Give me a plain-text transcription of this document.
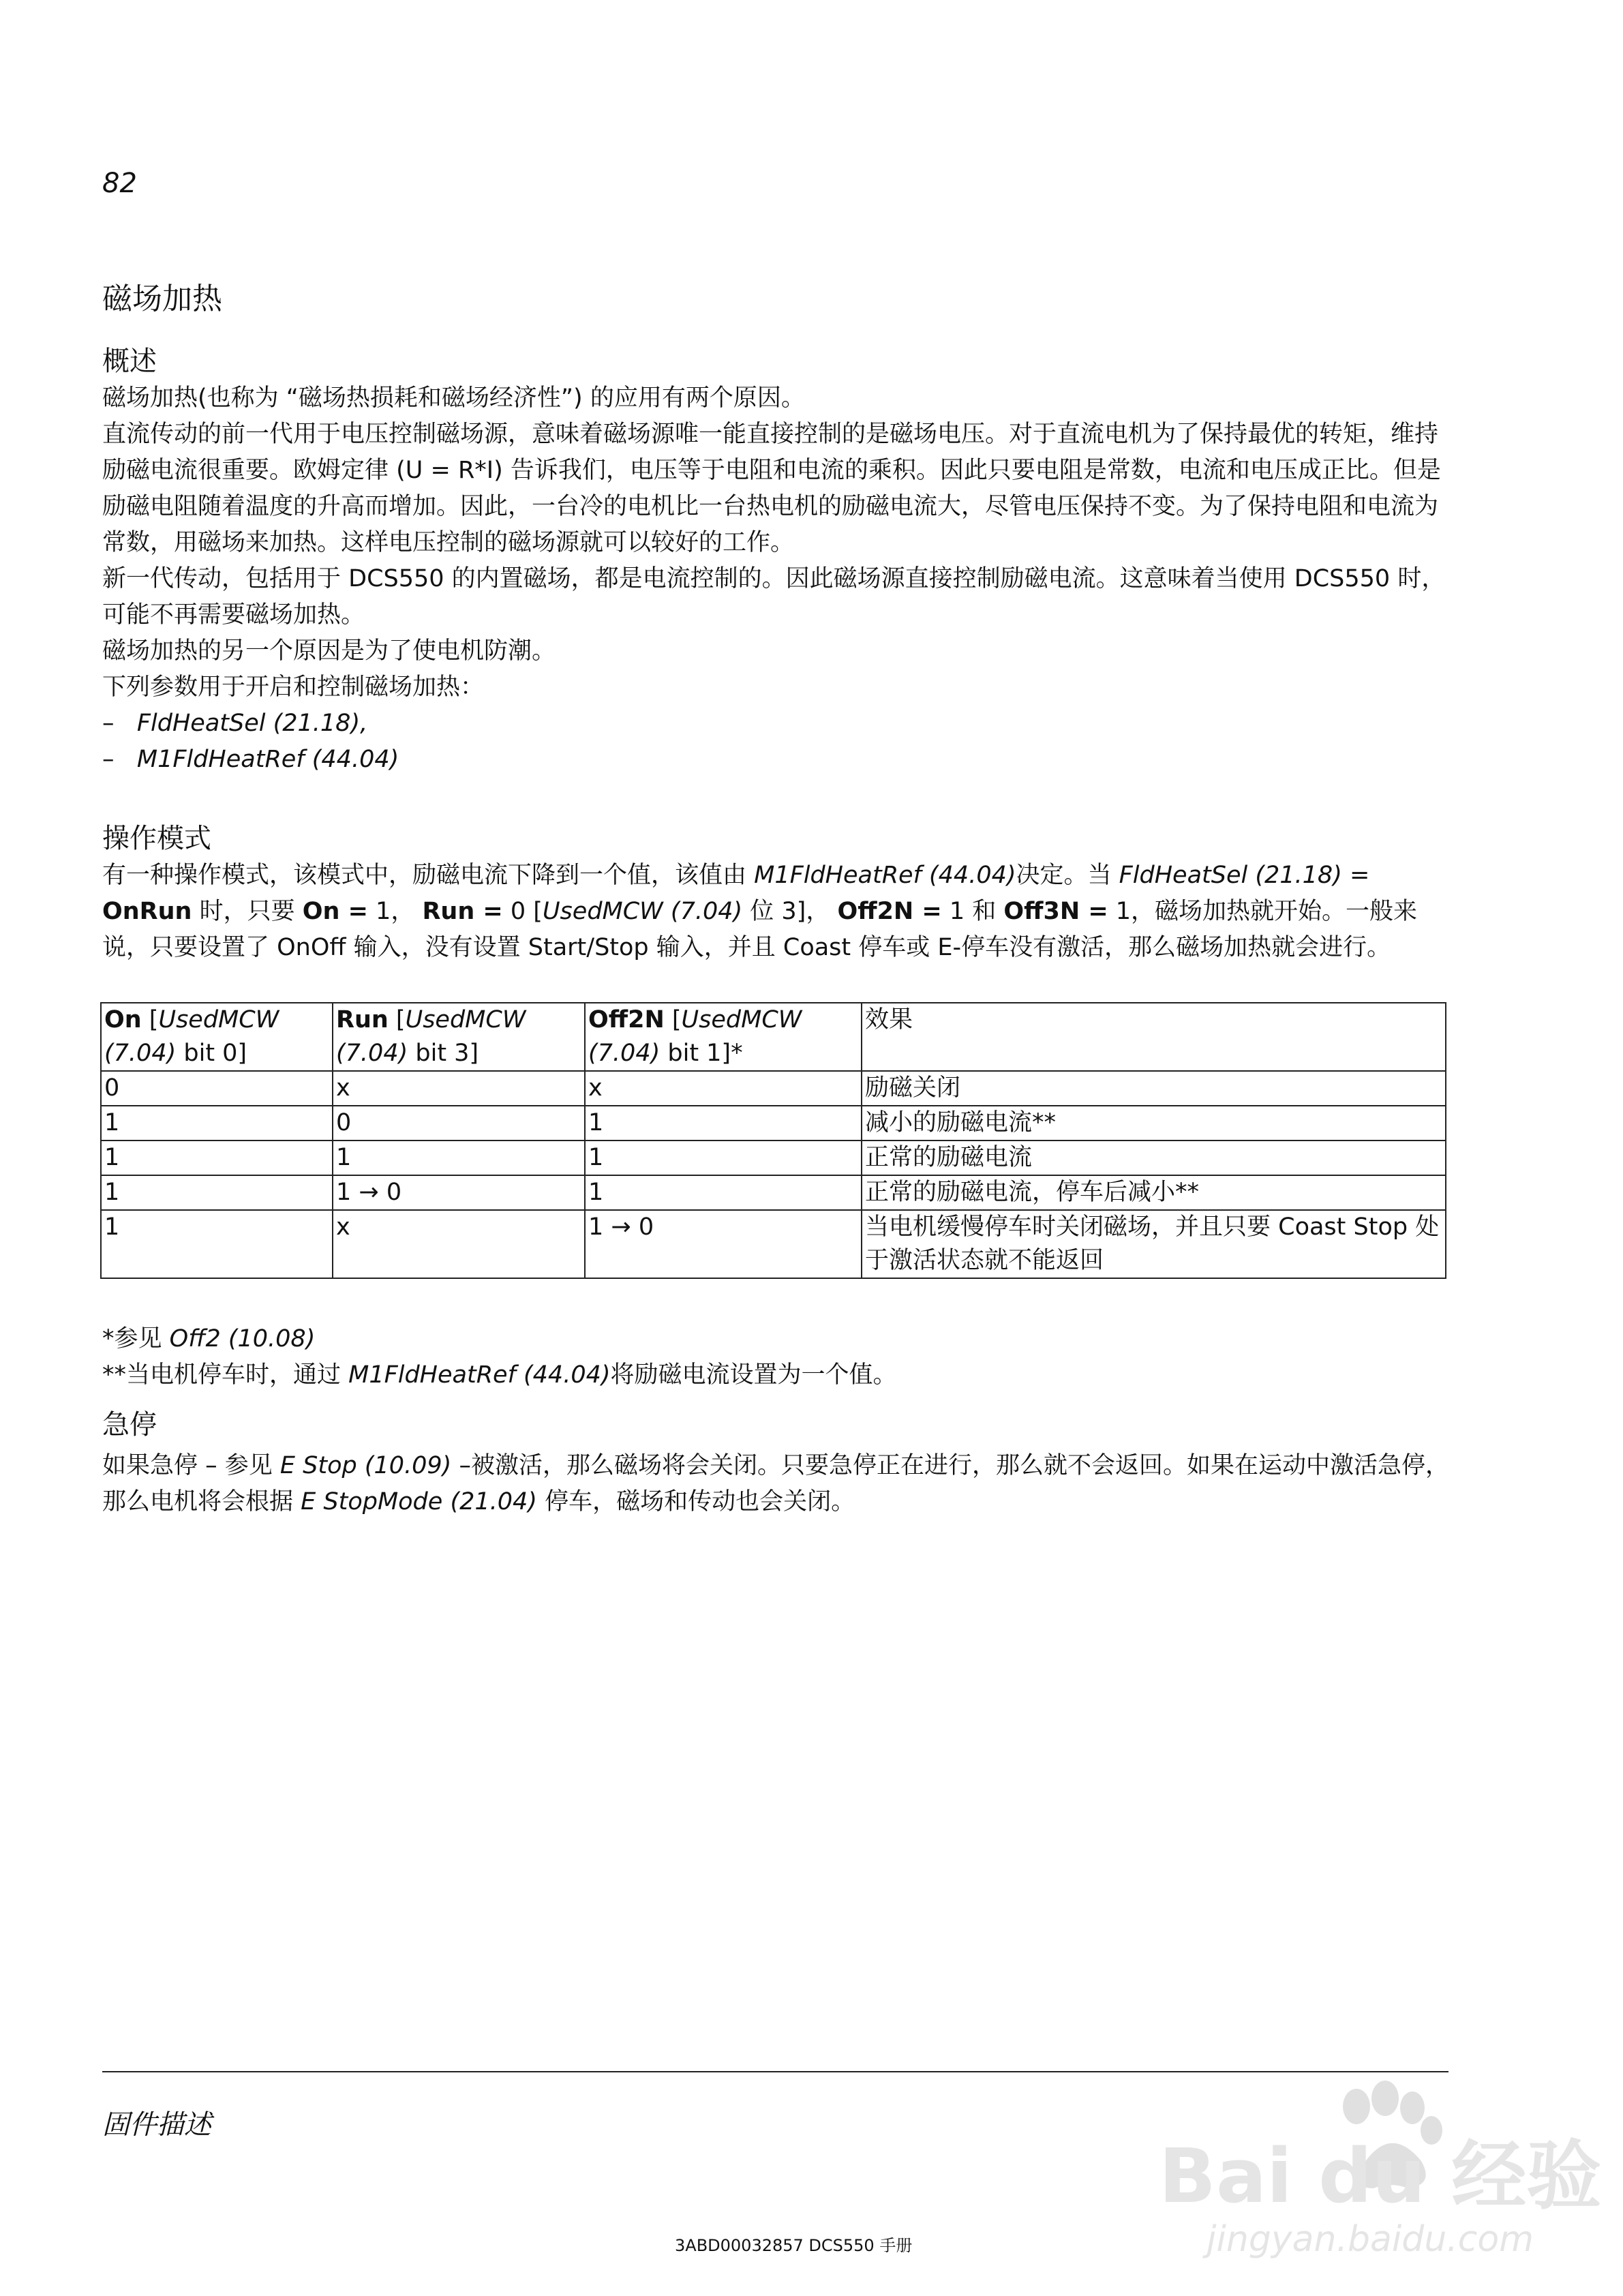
82
磁场加热
概述

磁场加热(也称为 “磁场热损耗和磁场经济性”) 的应用有两个原因。

直流传动的前一代用于电压控制磁场源，意味着磁场源唯一能直接控制的是磁场电压。对于直流电机为了保持最优的转矩，维持励磁电流很重要。欧姆定律 (U = R*I) 告诉我们，电压等于电阻和电流的乘积。因此只要电阻是常数，电流和电压成正比。但是励磁电阻随着温度的升高而增加。因此，一台冷的电机比一台热电机的励磁电流大，尽管电压保持不变。为了保持电阻和电流为常数，用磁场来加热。这样电压控制的磁场源就可以较好的工作。

新一代传动，包括用于 DCS550 的内置磁场，都是电流控制的。因此磁场源直接控制励磁电流。这意味着当使用 DCS550 时，可能不再需要磁场加热。

磁场加热的另一个原因是为了使电机防潮。

下列参数用于开启和控制磁场加热：

– FldHeatSel (21.18),

– M1FldHeatRef (44.04)

操作模式

有一种操作模式，该模式中，励磁电流下降到一个值，该值由 M1FldHeatRef (44.04)决定。当 FldHeatSel (21.18) = OnRun 时，只要 On = 1， Run = 0 [UsedMCW (7.04) 位 3]， Off2N = 1 和 Off3N = 1，磁场加热就开始。一般来说，只要设置了 OnOff 输入，没有设置 Start/Stop 输入，并且 Coast 停车或 E-停车没有激活，那么磁场加热就会进行。

On [UsedMCW
(7.04) bit 0]	Run [UsedMCW
(7.04) bit 3]	Off2N [UsedMCW
(7.04) bit 1]*	效果
0	x	x	励磁关闭
1	0	1	减小的励磁电流**
1	1	1	正常的励磁电流
1	1 → 0	1	正常的励磁电流，停车后减小**
1	x	1 → 0	当电机缓慢停车时关闭磁场，并且只要 Coast Stop 处于激活状态就不能返回

*参见 Off2 (10.08)

**当电机停车时，通过 M1FldHeatRef (44.04)将励磁电流设置为一个值。

急停

如果急停 – 参见 E Stop (10.09) –被激活，那么磁场将会关闭。只要急停正在进行，那么就不会返回。如果在运动中激活急停，那么电机将会根据 E StopMode (21.04) 停车，磁场和传动也会关闭。

固件描述
3ABD00032857 DCS550 手册
Bai du 经验
jingyan.baidu.com
